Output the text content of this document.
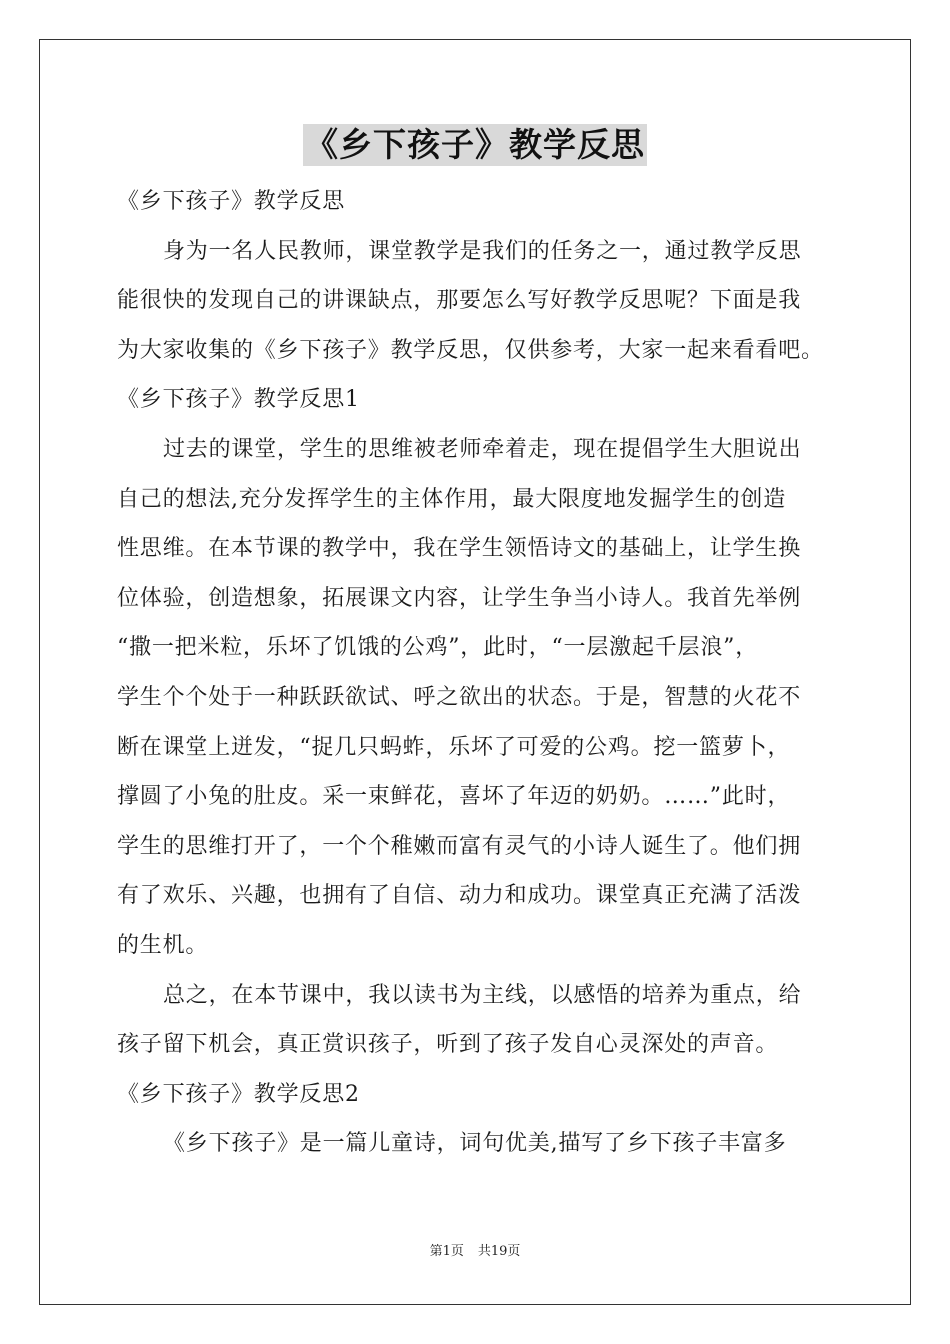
《乡下孩子》教学反思
《乡下孩子》教学反思
身为一名人民教师，课堂教学是我们的任务之一，通过教学反思
能很快的发现自己的讲课缺点，那要怎么写好教学反思呢？下面是我
为大家收集的《乡下孩子》教学反思，仅供参考，大家一起来看看吧。
《乡下孩子》教学反思1
过去的课堂，学生的思维被老师牵着走，现在提倡学生大胆说出
自己的想法,充分发挥学生的主体作用，最大限度地发掘学生的创造
性思维。在本节课的教学中，我在学生领悟诗文的基础上，让学生换
位体验，创造想象，拓展课文内容，让学生争当小诗人。我首先举例
“撒一把米粒，乐坏了饥饿的公鸡”，此时，“一层激起千层浪”，
学生个个处于一种跃跃欲试、呼之欲出的状态。于是，智慧的火花不
断在课堂上迸发，“捉几只蚂蚱，乐坏了可爱的公鸡。挖一篮萝卜，
撑圆了小兔的肚皮。采一束鲜花，喜坏了年迈的奶奶。……”此时，
学生的思维打开了，一个个稚嫩而富有灵气的小诗人诞生了。他们拥
有了欢乐、兴趣，也拥有了自信、动力和成功。课堂真正充满了活泼
的生机。
总之，在本节课中，我以读书为主线，以感悟的培养为重点，给
孩子留下机会，真正赏识孩子，听到了孩子发自心灵深处的声音。
《乡下孩子》教学反思2
《乡下孩子》是一篇儿童诗，词句优美,描写了乡下孩子丰富多
第1页 共19页
